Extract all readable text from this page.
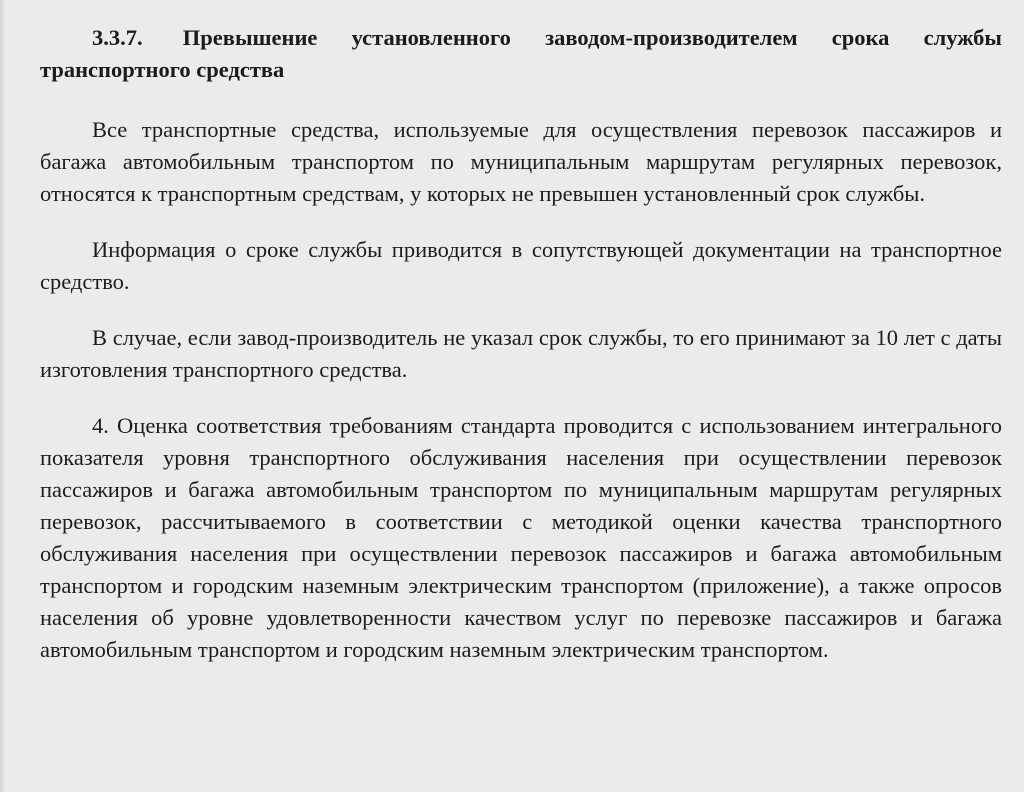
3.3.7. Превышение установленного заводом-производителем срока службы транспортного средства

Все транспортные средства, используемые для осуществления перевозок пассажиров и багажа автомобильным транспортом по муниципальным маршрутам регулярных перевозок, относятся к транспортным средствам, у которых не превышен установленный срок службы.

Информация о сроке службы приводится в сопутствующей документации на транспортное средство.

В случае, если завод-производитель не указал срок службы, то его принимают за 10 лет с даты изготовления транспортного средства.

4. Оценка соответствия требованиям стандарта проводится с использованием интегрального показателя уровня транспортного обслуживания населения при осуществлении перевозок пассажиров и багажа автомобильным транспортом по муниципальным маршрутам регулярных перевозок, рассчитываемого в соответствии с методикой оценки качества транспортного обслуживания населения при осуществлении перевозок пассажиров и багажа автомобильным транспортом и городским наземным электрическим транспортом (приложение), а также опросов населения об уровне удовлетворенности качеством услуг по перевозке пассажиров и багажа автомобильным транспортом и городским наземным электрическим транспортом.
